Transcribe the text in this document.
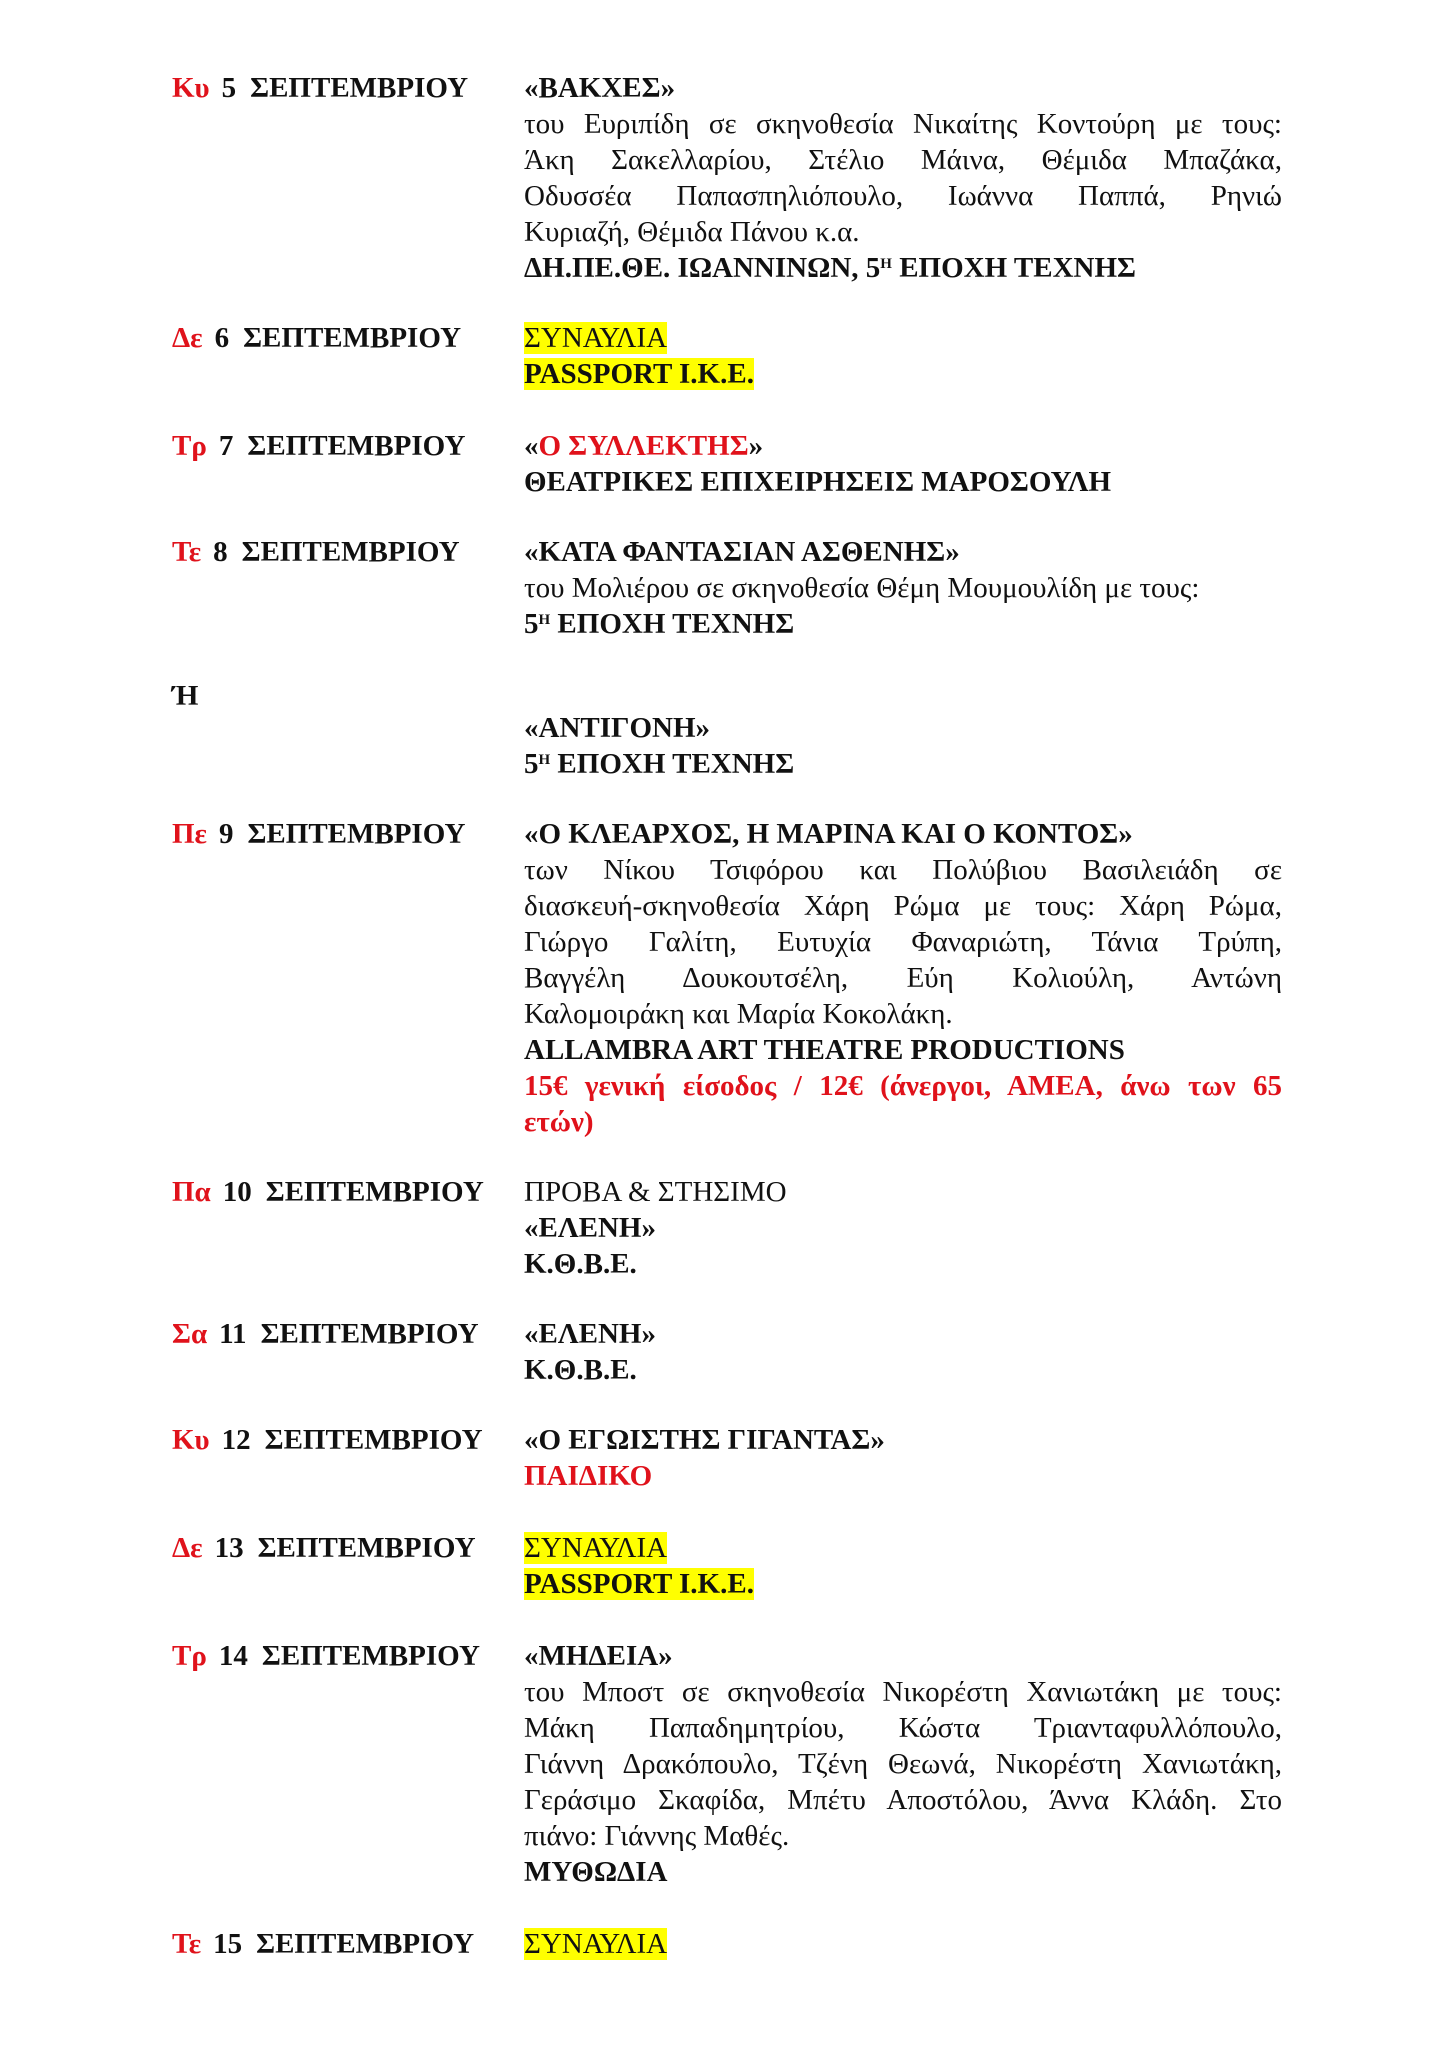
Κυ 5 ΣΕΠΤΕΜΒΡΙΟΥ «ΒΑΚΧΕΣ»
του Ευριπίδη σε σκηνοθεσία Νικαίτης Κοντούρη με τους:
Άκη Σακελλαρίου, Στέλιο Μάινα, Θέμιδα Μπαζάκα,
Οδυσσέα Παπασπηλιόπουλο, Ιωάννα Παππά, Ρηνιώ
Κυριαζή, Θέμιδα Πάνου κ.α.
ΔΗ.ΠΕ.ΘΕ. ΙΩΑΝΝΙΝΩΝ, $5^H$ ΕΠΟΧΗ ΤΕΧΝΗΣ
Δε 6 ΣΕΠΤΕΜΒΡΙΟΥ ΣΥΝΑΥΛΙΑ
PASSPORT Ι.Κ.Ε.
Τρ 7 ΣΕΠΤΕΜΒΡΙΟΥ «Ο ΣΥΛΛΕΚΤΗΣ»
ΘΕΑΤΡΙΚΕΣ ΕΠΙΧΕΙΡΗΣΕΙΣ ΜΑΡΟΣΟΥΛΗ
Τε 8 ΣΕΠΤΕΜΒΡΙΟΥ «ΚΑΤΑ ΦΑΝΤΑΣΙΑΝ ΑΣΘΕΝΗΣ»
του Μολιέρου σε σκηνοθεσία Θέμη Μουμουλίδη με τους:
$5^H$ ΕΠΟΧΗ ΤΕΧΝΗΣ
Ή
«ΑΝΤΙΓΟΝΗ»
$5^H$ ΕΠΟΧΗ ΤΕΧΝΗΣ
Πε 9 ΣΕΠΤΕΜΒΡΙΟΥ «Ο ΚΛΕΑΡΧΟΣ, Η ΜΑΡΙΝΑ ΚΑΙ Ο ΚΟΝΤΟΣ»
των Νίκου Τσιφόρου και Πολύβιου Βασιλειάδη σε
διασκευή-σκηνοθεσία Χάρη Ρώμα με τους: Χάρη Ρώμα,
Γιώργο Γαλίτη, Ευτυχία Φαναριώτη, Τάνια Τρύπη,
Βαγγέλη Δουκουτσέλη, Εύη Κολιούλη, Αντώνη
Καλομοιράκη και Μαρία Κοκολάκη.
ALLAMBRA ART THEATRE PRODUCTIONS
15€ γενική είσοδος / 12€ (άνεργοι, ΑΜΕΑ, άνω των 65
ετών)
Πα 10 ΣΕΠΤΕΜΒΡΙΟΥ ΠΡΟΒΑ & ΣΤΗΣΙΜΟ
«ΕΛΕΝΗ»
Κ.Θ.Β.Ε.
Σα 11 ΣΕΠΤΕΜΒΡΙΟΥ «ΕΛΕΝΗ»
Κ.Θ.Β.Ε.
Κυ 12 ΣΕΠΤΕΜΒΡΙΟΥ «Ο ΕΓΩΙΣΤΗΣ ΓΙΓΑΝΤΑΣ»
ΠΑΙΔΙΚΟ
Δε 13 ΣΕΠΤΕΜΒΡΙΟΥ ΣΥΝΑΥΛΙΑ
PASSPORT Ι.Κ.Ε.
Τρ 14 ΣΕΠΤΕΜΒΡΙΟΥ «ΜΗΔΕΙΑ»
του Μποστ σε σκηνοθεσία Νικορέστη Χανιωτάκη με τους:
Μάκη Παπαδημητρίου, Κώστα Τριανταφυλλόπουλο,
Γιάννη Δρακόπουλο, Τζένη Θεωνά, Νικορέστη Χανιωτάκη,
Γεράσιμο Σκαφίδα, Μπέτυ Αποστόλου, Άννα Κλάδη. Στο
πιάνο: Γιάννης Μαθές.
ΜΥΘΩΔΙΑ
Τε 15 ΣΕΠΤΕΜΒΡΙΟΥ ΣΥΝΑΥΛΙΑ
